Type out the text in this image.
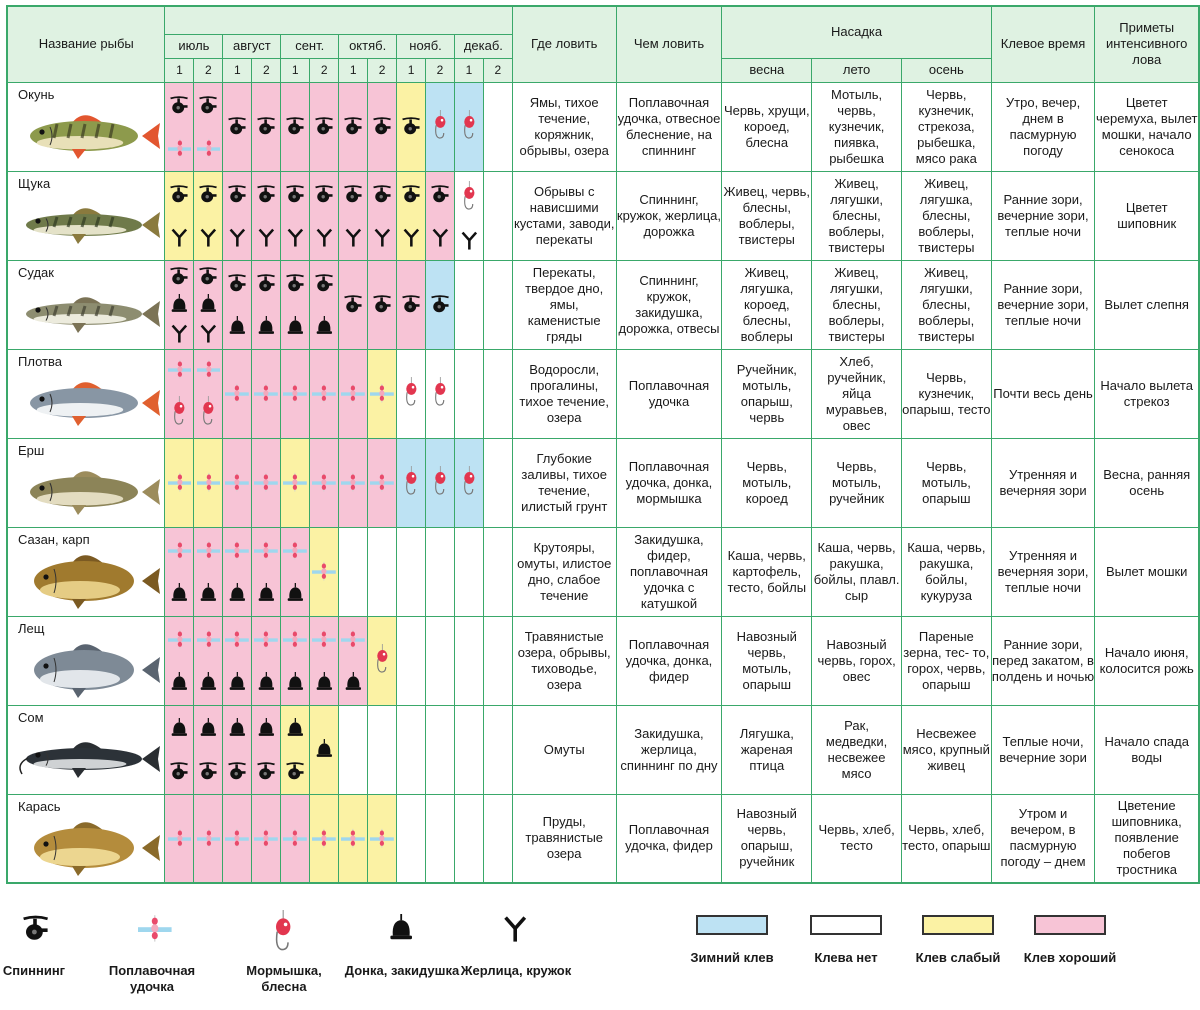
Название рыбы													Где ловить	Чем ловить	Насадка			Клевое время	Приметы интенсивного лова
	июль		август		сент.		октяб.		нояб.		декаб.								
	1	2	1	2	1	2	1	2	1	2	1	2			весна	лето	осень		

Окунь													Ямы, тихое течение, коряжник, обрывы, озера	Поплавочная удочка, отвесное блеснение, на спиннинг	Червь, хрущи, короед, блесна	Мотыль, червь, кузнечик, пиявка, рыбешка	Червь, кузнечик, стрекоза, рыбешка, мясо рака	Утро, вечер, днем в пасмурную погоду	Цветет черемуха, вылет мошки, начало сенокоса

Щука													Обрывы с нависшими кустами, заводи, перекаты	Спиннинг, кружок, жерлица, дорожка	Живец, червь, блесны, воблеры, твистеры	Живец, лягушки, блесны, воблеры, твистеры	Живец, лягушка, блесны, воблеры, твистеры	Ранние зори, вечерние зори, теплые ночи	Цветет шиповник

Судак													Перекаты, твердое дно, ямы, каменистые гряды	Спиннинг, кружок, закидушка, дорожка, отвесы	Живец, лягушка, короед, блесны, воблеры	Живец, лягушки, блесны, воблеры, твистеры	Живец, лягушки, блесны, воблеры, твистеры	Ранние зори, вечерние зори, теплые ночи	Вылет слепня

Плотва													Водоросли, прогалины, тихое течение, озера	Поплавочная удочка	Ручейник, мотыль, опарыш, червь	Хлеб, ручейник, яйца муравьев, овес	Червь, кузнечик, опарыш, тесто	Почти весь день	Начало вылета стрекоз

Ерш													Глубокие заливы, тихое течение, илистый грунт	Поплавочная удочка, донка, мормышка	Червь, мотыль, короед	Червь, мотыль, ручейник	Червь, мотыль, опарыш	Утренняя и вечерняя зори	Весна, ранняя осень

Сазан, карп													Крутояры, омуты, илистое дно, слабое течение	Закидушка, фидер, поплавочная удочка с катушкой	Каша, червь, картофель, тесто, бойлы	Каша, червь, ракушка, бойлы, плавл. сыр	Каша, червь, ракушка, бойлы, кукуруза	Утренняя и вечерняя зори, теплые ночи	Вылет мошки

Лещ													Травянистые озера, обрывы, тиховодье, озера	Поплавочная удочка, донка, фидер	Навозный червь, мотыль, опарыш	Навозный червь, горох, овес	Пареные зерна, тес- то, горох, червь, опарыш	Ранние зори, перед закатом, в полдень и ночью	Начало июня, колосится рожь

Сом													Омуты	Закидушка, жерлица, спиннинг по дну	Лягушка, жареная птица	Рак, медведки, несвежее мясо	Несвежее мясо, крупный живец	Теплые ночи, вечерние зори	Начало спада воды

Карась													Пруды, травянистые озера	Поплавочная удочка, фидер	Навозный червь, опарыш, ручейник	Червь, хлеб, тесто	Червь, хлеб, тесто, опарыш	Утром и вечером, в пасмурную погоду – днем	Цветение шиповника, появление побегов тростника
Спиннинг	Поплавочная удочка
Мормышка, блесна
Донка, закидушка Жерлица, кружок
Зимний клев	Клева нет	Клев слабый	Клев хороший
